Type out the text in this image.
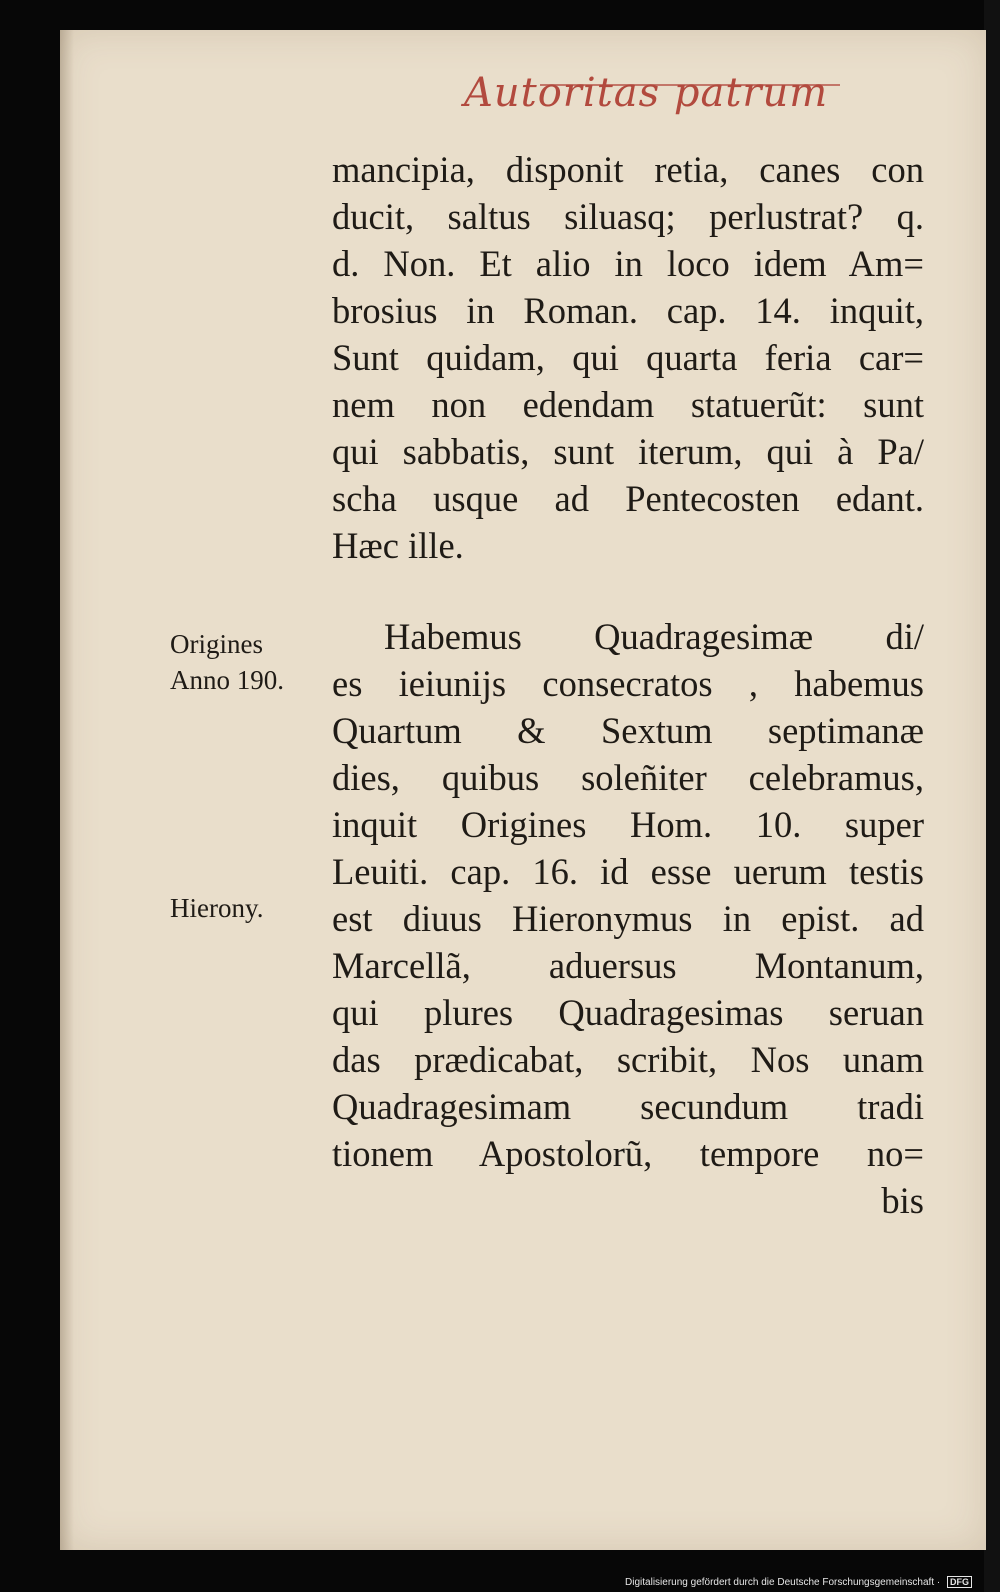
Autoritas patrum
Origines
Anno 190.
Hierony.
mancipia, disponit retia, canes con
ducit, saltus siluasq; perlustrat? q.
d. Non. Et alio in loco idem Am=
brosius in Roman. cap. 14. inquit,
Sunt quidam, qui quarta feria car=
nem non edendam statuerũt: sunt
qui sabbatis, sunt iterum, qui à Pa/
scha usque ad Pentecosten edant.
Hæc ille.
Habemus Quadragesimæ di/
es ieiunijs consecratos , habemus
Quartum & Sextum septimanæ
dies, quibus soleñiter celebramus,
inquit Origines Hom. 10. super
Leuiti. cap. 16. id esse uerum testis
est diuus Hieronymus in epist. ad
Marcellã, aduersus Montanum,
qui plures Quadragesimas seruan
das prædicabat, scribit, Nos unam
Quadragesimam secundum tradi
tionem Apostolorũ, tempore no=
bis
Digitalisierung gefördert durch die Deutsche Forschungsgemeinschaft · DFG
